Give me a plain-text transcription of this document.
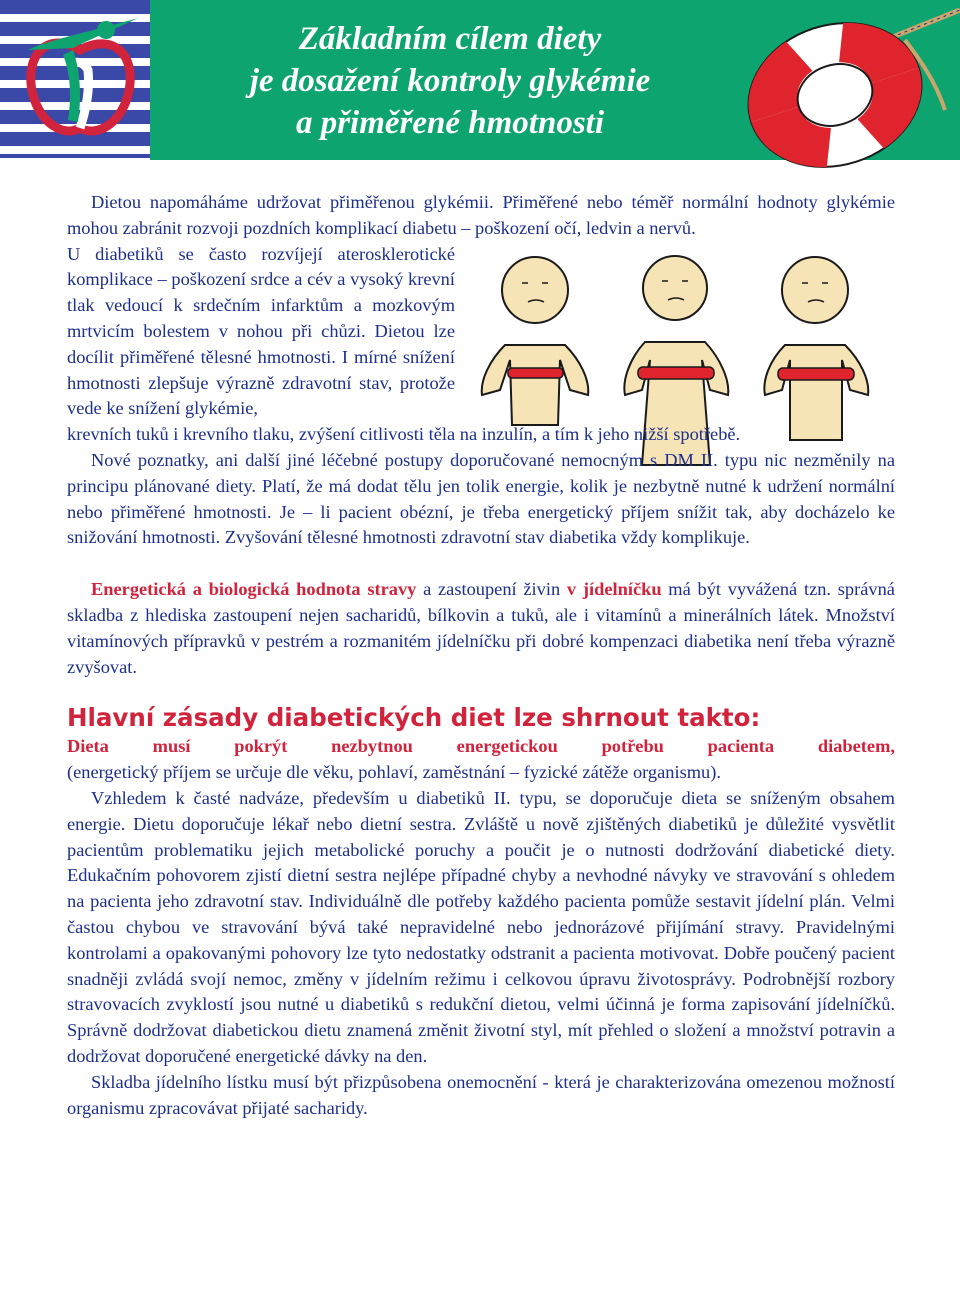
Základním cílem diety
je dosažení kontroly glykémie
a přiměřené hmotnosti

Dietou napomáháme udržovat přiměřenou glykémii. Přiměřené nebo téměř normální hodnoty glykémie mohou zabránit rozvoji pozdních komplikací diabetu – poškození očí, ledvin a nervů.

U diabetiků se často rozvíjejí aterosklerotické komplikace – poškození srdce a cév a vysoký krevní tlak vedoucí k srdečním infarktům a mozkovým mrtvicím bolestem v nohou při chůzi. Dietou lze docílit přiměřené tělesné hmotnosti. I mírné snížení hmotnosti zlepšuje výrazně zdravotní stav, protože vede ke snížení glykémie,

krevních tuků i krevního tlaku, zvýšení citlivosti těla na inzulín, a tím k jeho nižší spotřebě.

Nové poznatky, ani další jiné léčebné postupy doporučované nemocným s DM II. typu nic nezměnily na principu plánované diety. Platí, že má dodat tělu jen tolik energie, kolik je nezbytně nutné k udržení normální nebo přiměřené hmotnosti. Je – li pacient obézní, je třeba energetický příjem snížit tak, aby docházelo ke snižování hmotnosti. Zvyšování tělesné hmotnosti zdravotní stav diabetika vždy komplikuje.

Energetická a biologická hodnota stravy a zastoupení živin v jídelníčku má být vyvážená tzn. správná skladba z hlediska zastoupení nejen sacharidů, bílkovin a tuků, ale i vitamínů a minerálních látek. Množství vitamínových přípravků v pestrém a rozmanitém jídelníčku při dobré kompenzaci diabetika není třeba výrazně zvyšovat.

Hlavní zásady diabetických diet lze shrnout takto:

Dieta musí pokrýt nezbytnou energetickou potřebu pacienta diabetem,

(energetický příjem se určuje dle věku, pohlaví, zaměstnání – fyzické zátěže organismu).

Vzhledem k časté nadváze, především u diabetiků II. typu, se doporučuje dieta se sníženým obsahem energie. Dietu doporučuje lékař nebo dietní sestra. Zvláště u nově zjištěných diabetiků je důležité vysvětlit pacientům problematiku jejich metabolické poruchy a poučit je o nutnosti dodržování diabetické diety. Edukačním pohovorem zjistí dietní sestra nejlépe případné chyby a nevhodné návyky ve stravování s ohledem na pacienta jeho zdravotní stav. Individuálně dle potřeby každého pacienta pomůže sestavit jídelní plán. Velmi častou chybou ve stravování bývá také nepravidelné nebo jednorázové přijímání stravy. Pravidelnými kontrolami a opakovanými pohovory lze tyto nedostatky odstranit a pacienta motivovat. Dobře poučený pacient snadněji zvládá svojí nemoc, změny v jídelním režimu i celkovou úpravu životosprávy. Podrobnější rozbory stravovacích zvyklostí jsou nutné u diabetiků s redukční dietou, velmi účinná je forma zapisování jídelníčků. Správně dodržovat diabetickou dietu znamená změnit životní styl, mít přehled o složení a množství potravin a dodržovat doporučené energetické dávky na den.

Skladba jídelního lístku musí být přizpůsobena onemocnění - která je charakterizována omezenou možností organismu zpracovávat přijaté sacharidy.
